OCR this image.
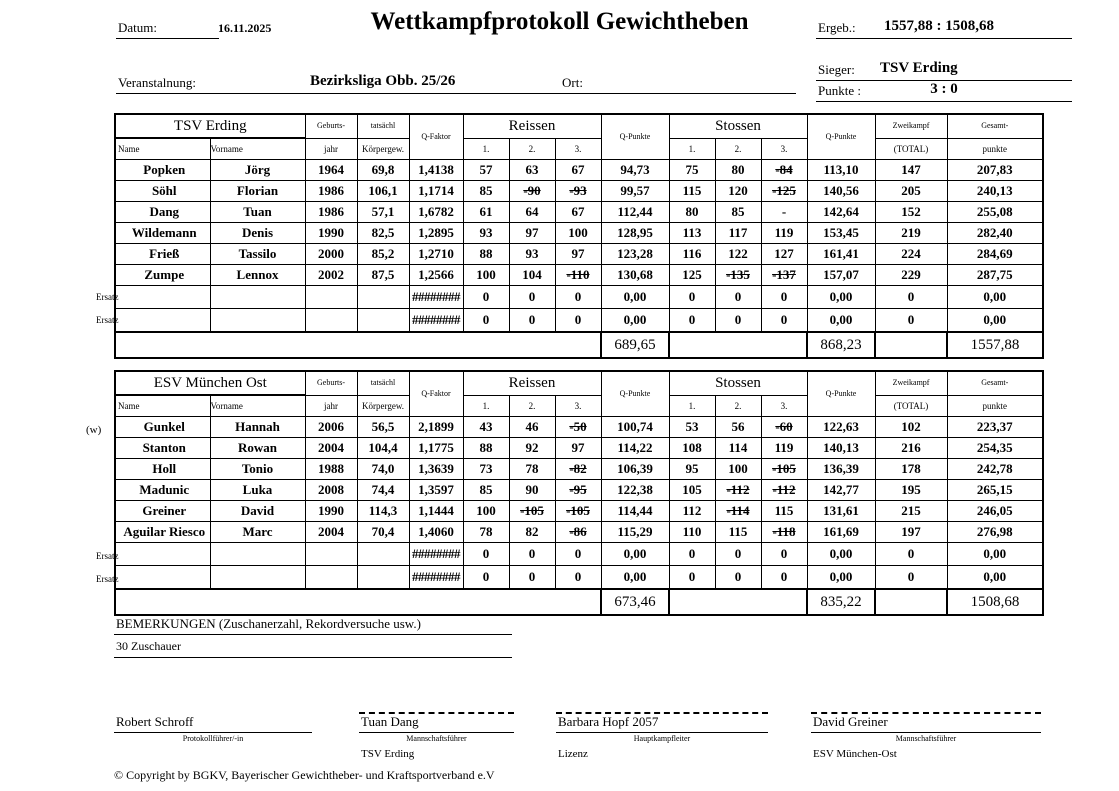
Datum:	16.11.2025	Wettkampfprotokoll Gewichtheben	Ergeb.: 1557,88 : 1508,68
Sieger: TSV Erding
Punkte :	3 : 0
Veranstalnung:	Bezirksliga Obb. 25/26	Ort:
TSV Erding		Geburts-	tatsächl	Q-Faktor	Reissen			Q-Punkte	Stossen			Q-Punkte	Zweikampf	Gesamt-
Name	Vorname	jahr	Körpergew.		1.	2.	3.		1.	2.	3.		(TOTAL)	punkte
Popken	Jörg	1964	69,8	1,4138	57	63	67	94,73	75	80	-84	113,10	147	207,83
Söhl	Florian	1986	106,1	1,1714	85	-90	-93	99,57	115	120	-125	140,56	205	240,13
Dang	Tuan	1986	57,1	1,6782	61	64	67	112,44	80	85	-	142,64	152	255,08
Wildemann	Denis	1990	82,5	1,2895	93	97	100	128,95	113	117	119	153,45	219	282,40
Frieß	Tassilo	2000	85,2	1,2710	88	93	97	123,28	116	122	127	161,41	224	284,69
Zumpe	Lennox	2002	87,5	1,2566	100	104	-110	130,68	125	-135	-137	157,07	229	287,75
				########	0	0	0	0,00	0	0	0	0,00	0	0,00
				########	0	0	0	0,00	0	0	0	0,00	0	0,00
								689,65				868,23		1557,88
Ersatz
Ersatz
ESV München Ost		Geburts-	tatsächl	Q-Faktor	Reissen			Q-Punkte	Stossen			Q-Punkte	Zweikampf	Gesamt-
Name	Vorname	jahr	Körpergew.		1.	2.	3.		1.	2.	3.		(TOTAL)	punkte
Gunkel	Hannah	2006	56,5	2,1899	43	46	-50	100,74	53	56	-60	122,63	102	223,37
Stanton	Rowan	2004	104,4	1,1775	88	92	97	114,22	108	114	119	140,13	216	254,35
Holl	Tonio	1988	74,0	1,3639	73	78	-82	106,39	95	100	-105	136,39	178	242,78
Madunic	Luka	2008	74,4	1,3597	85	90	-95	122,38	105	-112	-112	142,77	195	265,15
Greiner	David	1990	114,3	1,1444	100	-105	-105	114,44	112	-114	115	131,61	215	246,05
Aguilar Riesco	Marc	2004	70,4	1,4060	78	82	-86	115,29	110	115	-118	161,69	197	276,98
				########	0	0	0	0,00	0	0	0	0,00	0	0,00
				########	0	0	0	0,00	0	0	0	0,00	0	0,00
								673,46				835,22		1508,68
(w)
Ersatz
Ersatz
BEMERKUNGEN (Zuschanerzahl, Rekordversuche usw.)
30 Zuschauer
Robert Schroff
Protokollführer/-in
Tuan Dang
Mannschaftsführer
TSV Erding
Barbara Hopf 2057
Hauptkampfleiter
Lizenz
David Greiner
Mannschaftsführer
ESV München-Ost
© Copyright by BGKV, Bayerischer Gewichtheber- und Kraftsportverband e.V
